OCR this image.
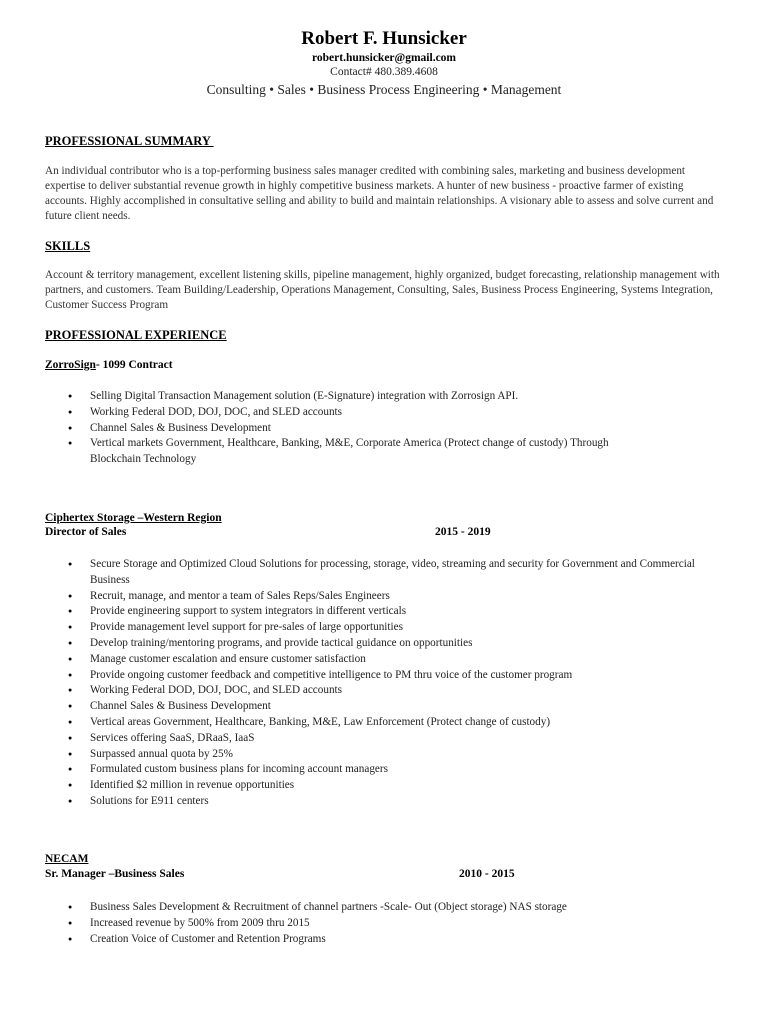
Robert F. Hunsicker
robert.hunsicker@gmail.com
Contact# 480.389.4608
Consulting • Sales • Business Process Engineering • Management
PROFESSIONAL SUMMARY
An individual contributor who is a top-performing business sales manager credited with combining sales, marketing and business development expertise to deliver substantial revenue growth in highly competitive business markets. A hunter of new business - proactive farmer of existing accounts. Highly accomplished in consultative selling and ability to build and maintain relationships. A visionary able to assess and solve current and future client needs.
SKILLS
Account & territory management, excellent listening skills, pipeline management, highly organized, budget forecasting, relationship management with partners, and customers. Team Building/Leadership, Operations Management, Consulting, Sales, Business Process Engineering, Systems Integration, Customer Success Program
PROFESSIONAL EXPERIENCE
ZorroSign- 1099 Contract
● Selling Digital Transaction Management solution (E-Signature) integration with Zorrosign API.
● Working Federal DOD, DOJ, DOC, and SLED accounts
● Channel Sales & Business Development
● Vertical markets Government, Healthcare, Banking, M&E, Corporate America (Protect change of custody) Through Blockchain Technology
Ciphertex Storage –Western Region
Director of Sales	2015 - 2019
● Secure Storage and Optimized Cloud Solutions for processing, storage, video, streaming and security for Government and Commercial Business
● Recruit, manage, and mentor a team of Sales Reps/Sales Engineers
● Provide engineering support to system integrators in different verticals
● Provide management level support for pre-sales of large opportunities
● Develop training/mentoring programs, and provide tactical guidance on opportunities
● Manage customer escalation and ensure customer satisfaction
● Provide ongoing customer feedback and competitive intelligence to PM thru voice of the customer program
● Working Federal DOD, DOJ, DOC, and SLED accounts
● Channel Sales & Business Development
● Vertical areas Government, Healthcare, Banking, M&E, Law Enforcement (Protect change of custody)
● Services offering SaaS, DRaaS, IaaS
● Surpassed annual quota by 25%
● Formulated custom business plans for incoming account managers
● Identified $2 million in revenue opportunities
● Solutions for E911 centers
NECAM
Sr. Manager –Business Sales	2010 - 2015
● Business Sales Development & Recruitment of channel partners -Scale- Out (Object storage) NAS storage
● Increased revenue by 500% from 2009 thru 2015
● Creation Voice of Customer and Retention Programs
